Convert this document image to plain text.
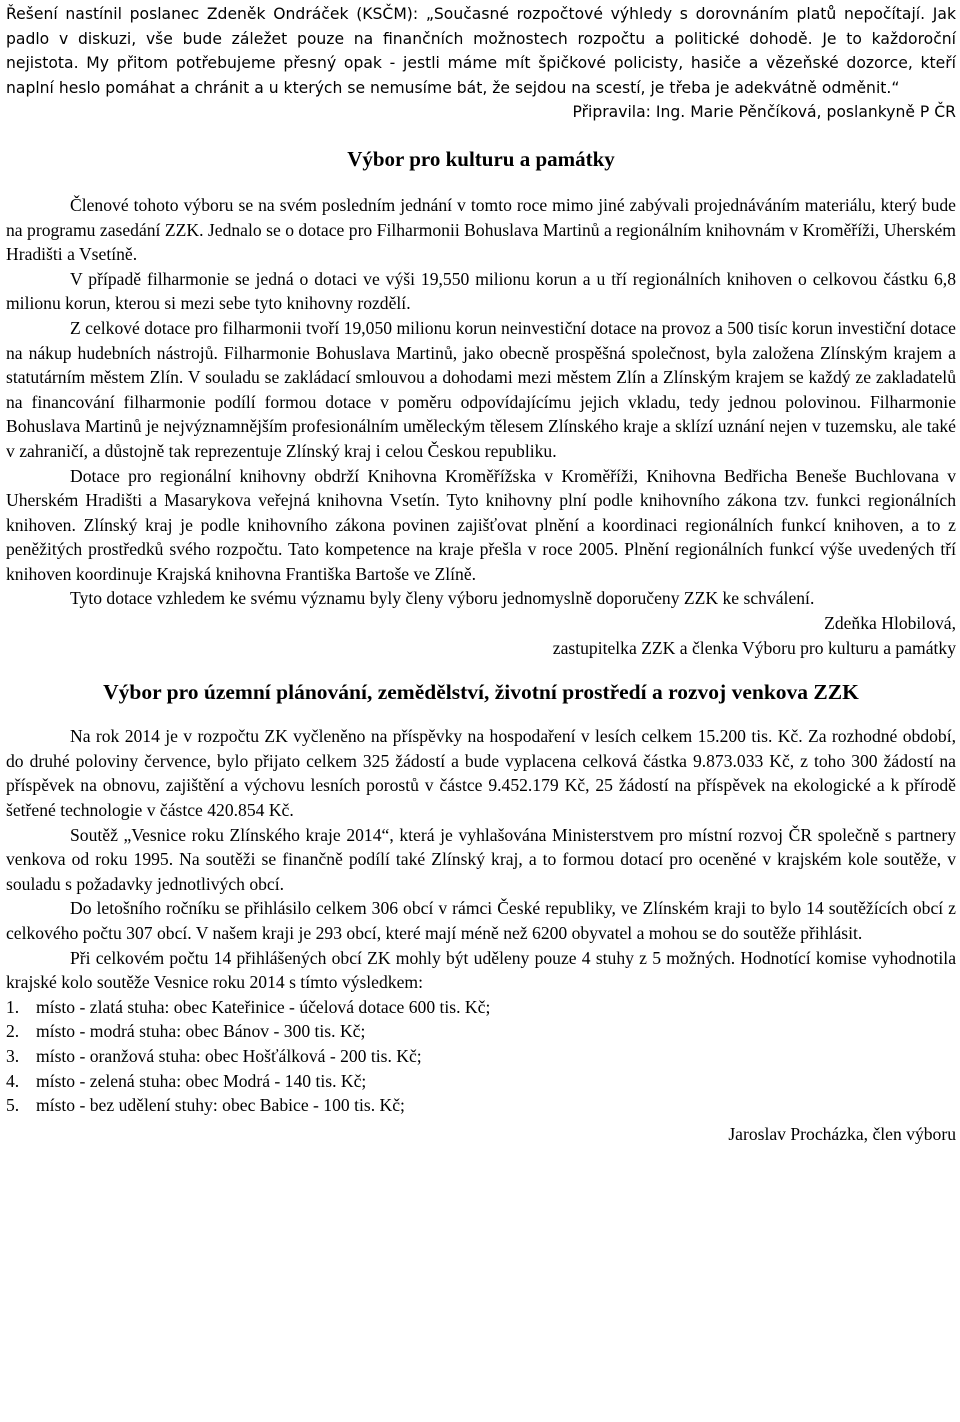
Řešení nastínil poslanec Zdeněk Ondráček (KSČM): „Současné rozpočtové výhledy s dorovnáním platů nepočítají. Jak padlo v diskuzi, vše bude záležet pouze na finančních možnostech rozpočtu a politické dohodě. Je to každoroční nejistota. My přitom potřebujeme přesný opak - jestli máme mít špičkové policisty, hasiče a vězeňské dozorce, kteří naplní heslo pomáhat a chránit a u kterých se nemusíme bát, že sejdou na scestí, je třeba je adekvátně odměnit.“

Připravila: Ing. Marie Pěnčíková, poslankyně P ČR

Výbor pro kulturu a památky

Členové tohoto výboru se na svém posledním jednání v tomto roce mimo jiné zabývali projednáváním materiálu, který bude na programu zasedání ZZK. Jednalo se o dotace pro Filharmonii Bohuslava Martinů a regionálním knihovnám v Kroměříži, Uherském Hradišti a Vsetíně.

V případě filharmonie se jedná o dotaci ve výši 19,550 milionu korun a u tří regionálních knihoven o celkovou částku 6,8 milionu korun, kterou si mezi sebe tyto knihovny rozdělí.

Z celkové dotace pro filharmonii tvoří 19,050 milionu korun neinvestiční dotace na provoz a 500 tisíc korun investiční dotace na nákup hudebních nástrojů. Filharmonie Bohuslava Martinů, jako obecně prospěšná společnost, byla založena Zlínským krajem a statutárním městem Zlín. V souladu se zakládací smlouvou a dohodami mezi městem Zlín a Zlínským krajem se každý ze zakladatelů na financování filharmonie podílí formou dotace v poměru odpovídajícímu jejich vkladu, tedy jednou polovinou. Filharmonie Bohuslava Martinů je nejvýznamnějším profesionálním uměleckým tělesem Zlínského kraje a sklízí uznání nejen v tuzemsku, ale také v zahraničí, a důstojně tak reprezentuje Zlínský kraj i celou Českou republiku.

Dotace pro regionální knihovny obdrží Knihovna Kroměřížska v Kroměříži, Knihovna Bedřicha Beneše Buchlovana v Uherském Hradišti a Masarykova veřejná knihovna Vsetín. Tyto knihovny plní podle knihovního zákona tzv. funkci regionálních knihoven. Zlínský kraj je podle knihovního zákona povinen zajišťovat plnění a koordinaci regionálních funkcí knihoven, a to z peněžitých prostředků svého rozpočtu. Tato kompetence na kraje přešla v roce 2005. Plnění regionálních funkcí výše uvedených tří knihoven koordinuje Krajská knihovna Františka Bartoše ve Zlíně.

Tyto dotace vzhledem ke svému významu byly členy výboru jednomyslně doporučeny ZZK ke schválení.

Zdeňka Hlobilová,

zastupitelka ZZK a členka Výboru pro kulturu a památky

Výbor pro územní plánování, zemědělství, životní prostředí a rozvoj venkova ZZK

Na rok 2014 je v rozpočtu ZK vyčleněno na příspěvky na hospodaření v lesích celkem 15.200 tis. Kč. Za rozhodné období, do druhé poloviny července, bylo přijato celkem 325 žádostí a bude vyplacena celková částka 9.873.033 Kč, z toho 300 žádostí na příspěvek na obnovu, zajištění a výchovu lesních porostů v částce 9.452.179 Kč, 25 žádostí na příspěvek na ekologické a k přírodě šetřené technologie v částce 420.854 Kč.

Soutěž „Vesnice roku Zlínského kraje 2014“, která je vyhlašována Ministerstvem pro místní rozvoj ČR společně s partnery venkova od roku 1995. Na soutěži se finančně podílí také Zlínský kraj, a to formou dotací pro oceněné v krajském kole soutěže, v souladu s požadavky jednotlivých obcí.

Do letošního ročníku se přihlásilo celkem 306 obcí v rámci České republiky, ve Zlínském kraji to bylo 14 soutěžících obcí z celkového počtu 307 obcí. V našem kraji je 293 obcí, které mají méně než 6200 obyvatel a mohou se do soutěže přihlásit.

Při celkovém počtu 14 přihlášených obcí ZK mohly být uděleny pouze 4 stuhy z 5 možných. Hodnotící komise vyhodnotila krajské kolo soutěže Vesnice roku 2014 s tímto výsledkem:

1. místo - zlatá stuha: obec Kateřinice - účelová dotace 600 tis. Kč;
2. místo - modrá stuha: obec Bánov - 300 tis. Kč;
3. místo - oranžová stuha: obec Hošťálková - 200 tis. Kč;
4. místo - zelená stuha: obec Modrá - 140 tis. Kč;
5. místo - bez udělení stuhy: obec Babice - 100 tis. Kč;

Jaroslav Procházka, člen výboru
